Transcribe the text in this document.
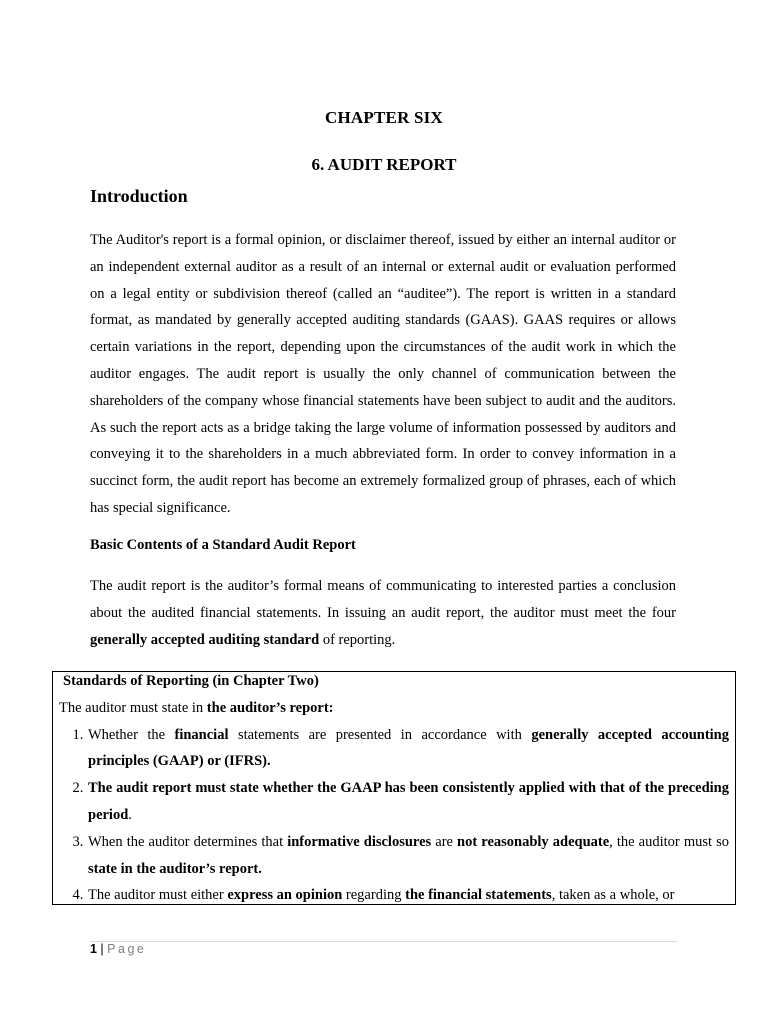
CHAPTER SIX
6. AUDIT REPORT
Introduction
The Auditor's report is a formal opinion, or disclaimer thereof, issued by either an internal auditor or an independent external auditor as a result of an internal or external audit or evaluation performed on a legal entity or subdivision thereof (called an “auditee”). The report is written in a standard format, as mandated by generally accepted auditing standards (GAAS). GAAS requires or allows certain variations in the report, depending upon the circumstances of the audit work in which the auditor engages. The audit report is usually the only channel of communication between the shareholders of the company whose financial statements have been subject to audit and the auditors. As such the report acts as a bridge taking the large volume of information possessed by auditors and conveying it to the shareholders in a much abbreviated form. In order to convey information in a succinct form, the audit report has become an extremely formalized group of phrases, each of which has special significance.
Basic Contents of a Standard Audit Report
The audit report is the auditor’s formal means of communicating to interested parties a conclusion about the audited financial statements. In issuing an audit report, the auditor must meet the four generally accepted auditing standard of reporting.
Standards of Reporting (in Chapter Two)
The auditor must state in the auditor’s report:
1. Whether the financial statements are presented in accordance with generally accepted accounting principles (GAAP) or (IFRS).
2. The audit report must state whether the GAAP has been consistently applied with that of the preceding period.
3. When the auditor determines that informative disclosures are not reasonably adequate, the auditor must so state in the auditor’s report.
4. The auditor must either express an opinion regarding the financial statements, taken as a whole, or
1 | Page
